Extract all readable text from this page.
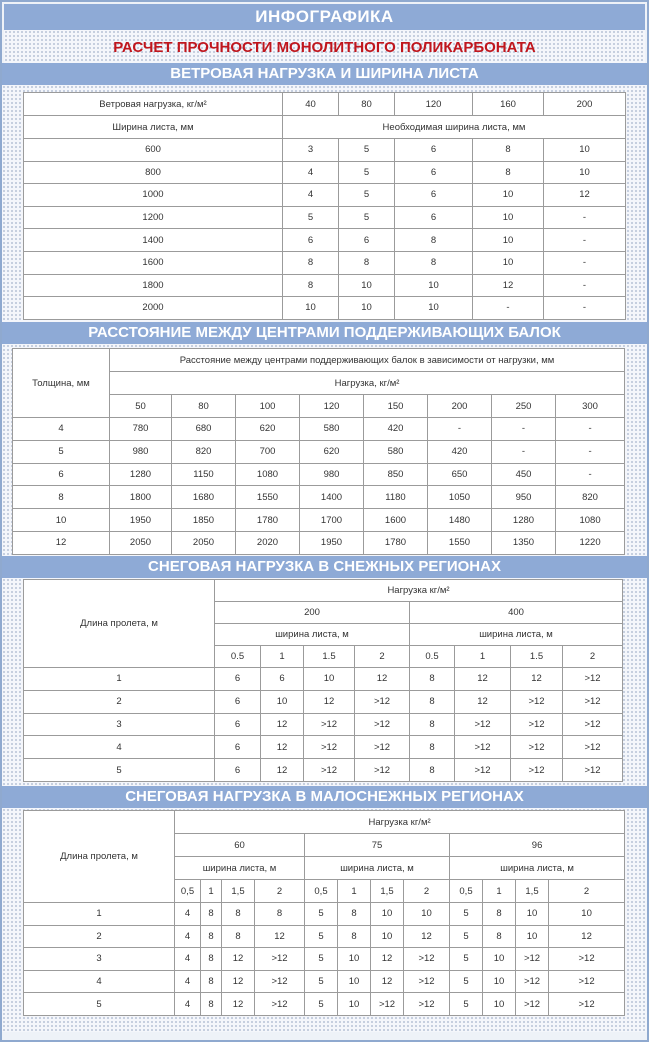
ИНФОГРАФИКА
РАСЧЕТ ПРОЧНОСТИ МОНОЛИТНОГО ПОЛИКАРБОНАТА
ВЕТРОВАЯ НАГРУЗКА И ШИРИНА ЛИСТА
Ветровая нагрузка, кг/м²	40	80	120	160	200
Ширина листа, мм	Необходимая ширина листа, мм				
600	3	5	6	8	10
800	4	5	6	8	10
1000	4	5	6	10	12
1200	5	5	6	10	-
1400	6	6	8	10	-
1600	8	8	8	10	-
1800	8	10	10	12	-
2000	10	10	10	-	-
РАССТОЯНИЕ МЕЖДУ ЦЕНТРАМИ ПОДДЕРЖИВАЮЩИХ БАЛОК
Толщина, мм	Расстояние между центрами поддерживающих балок в зависимости от нагрузки, мм							
	Нагрузка, кг/м²							
	50	80	100	120	150	200	250	300
4	780	680	620	580	420	-	-	-
5	980	820	700	620	580	420	-	-
6	1280	1150	1080	980	850	650	450	-
8	1800	1680	1550	1400	1180	1050	950	820
10	1950	1850	1780	1700	1600	1480	1280	1080
12	2050	2050	2020	1950	1780	1550	1350	1220
СНЕГОВАЯ НАГРУЗКА В СНЕЖНЫХ РЕГИОНАХ
Длина пролета, м	Нагрузка кг/м²							
	200				400			
	ширина листа, м				ширина листа, м			
	0.5	1	1.5	2	0.5	1	1.5	2
1	6	6	10	12	8	12	12	>12
2	6	10	12	>12	8	12	>12	>12
3	6	12	>12	>12	8	>12	>12	>12
4	6	12	>12	>12	8	>12	>12	>12
5	6	12	>12	>12	8	>12	>12	>12
СНЕГОВАЯ НАГРУЗКА В МАЛОСНЕЖНЫХ РЕГИОНАХ
Длина пролета, м	Нагрузка кг/м²											
	60				75				96			
	ширина листа, м				ширина листа, м				ширина листа, м			
	0,5	1	1,5	2	0,5	1	1,5	2	0,5	1	1,5	2
1	4	8	8	8	5	8	10	10	5	8	10	10
2	4	8	8	12	5	8	10	12	5	8	10	12
3	4	8	12	>12	5	10	12	>12	5	10	>12	>12
4	4	8	12	>12	5	10	12	>12	5	10	>12	>12
5	4	8	12	>12	5	10	>12	>12	5	10	>12	>12
